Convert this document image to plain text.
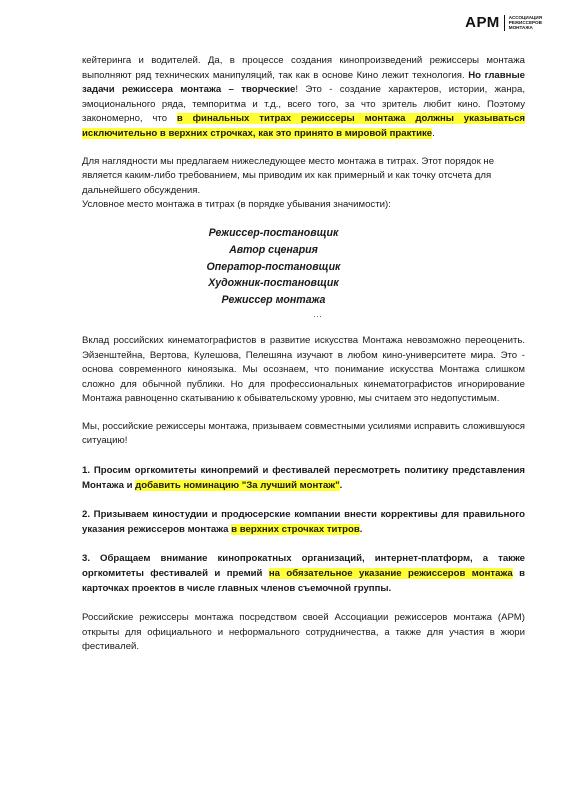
АРМ АССОЦИАЦИЯ
РЕЖИССЕРОВ
МОНТАЖА

кейтеринга и водителей. Да, в процессе создания кинопроизведений режиссеры монтажа выполняют ряд технических манипуляций, так как в основе Кино лежит технология. Но главные задачи режиссера монтажа – творческие! Это - создание характеров, истории, жанра, эмоционального ряда, темпоритма и т.д., всего того, за что зритель любит кино. Поэтому закономерно, что в финальных титрах режиссеры монтажа должны указываться исключительно в верхних строчках, как это принято в мировой практике.

Для наглядности мы предлагаем нижеследующее место монтажа в титрах. Этот порядок не является каким-либо требованием, мы приводим их как примерный и как точку отсчета для дальнейшего обсуждения.
Условное место монтажа в титрах (в порядке убывания значимости):

Режиссер-постановщик
Автор сценария
Оператор-постановщик
Художник-постановщик
Режиссер монтажа
…

Вклад российских кинематографистов в развитие искусства Монтажа невозможно переоценить. Эйзенштейна, Вертова, Кулешова, Пелешяна изучают в любом кино-университете мира. Это - основа современного киноязыка. Мы осознаем, что понимание искусства Монтажа слишком сложно для обычной публики. Но для профессиональных кинематографистов игнорирование Монтажа равноценно скатыванию к обывательскому уровню, мы считаем это недопустимым.

Мы, российские режиссеры монтажа, призываем совместными усилиями исправить сложившуюся ситуацию!

1. Просим оргкомитеты кинопремий и фестивалей пересмотреть политику представления Монтажа и добавить номинацию "За лучший монтаж".

2. Призываем киностудии и продюсерские компании внести коррективы для правильного указания режиссеров монтажа в верхних строчках титров.

3. Обращаем внимание кинопрокатных организаций, интернет-платформ, а также оргкомитеты фестивалей и премий на обязательное указание режиссеров монтажа в карточках проектов в числе главных членов съемочной группы.

Российские режиссеры монтажа посредством своей Ассоциации режиссеров монтажа (АРМ) открыты для официального и неформального сотрудничества, а также для участия в жюри фестивалей.
